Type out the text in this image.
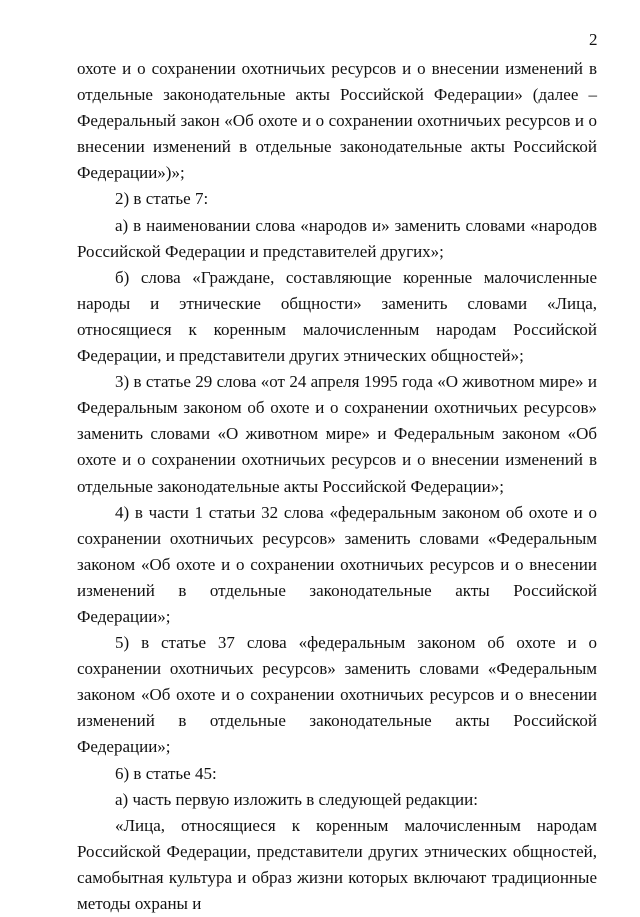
2

охоте и о сохранении охотничьих ресурсов и о внесении изменений в отдельные законодательные акты Российской Федерации» (далее – Федеральный закон «Об охоте и о сохранении охотничьих ресурсов и о внесении изменений в отдельные законодательные акты Российской Федерации»)»;

2) в статье 7:

а) в наименовании слова «народов и» заменить словами «народов Российской Федерации и представителей других»;

б) слова «Граждане, составляющие коренные малочисленные народы и этнические общности» заменить словами «Лица, относящиеся к коренным малочисленным народам Российской Федерации, и представители других этнических общностей»;

3) в статье 29 слова «от 24 апреля 1995 года «О животном мире» и Федеральным законом об охоте и о сохранении охотничьих ресурсов» заменить словами «О животном мире» и Федеральным законом «Об охоте и о сохранении охотничьих ресурсов и о внесении изменений в отдельные законодательные акты Российской Федерации»;

4) в части 1 статьи 32 слова «федеральным законом об охоте и о сохранении охотничьих ресурсов» заменить словами «Федеральным законом «Об охоте и о сохранении охотничьих ресурсов и о внесении изменений в отдельные законодательные акты Российской Федерации»;

5) в статье 37 слова «федеральным законом об охоте и о сохранении охотничьих ресурсов» заменить словами «Федеральным законом «Об охоте и о сохранении охотничьих ресурсов и о внесении изменений в отдельные законодательные акты Российской Федерации»;

6) в статье 45:

а) часть первую изложить в следующей редакции:

«Лица, относящиеся к коренным малочисленным народам Российской Федерации, представители других этнических общностей, самобытная культура и образ жизни которых включают традиционные методы охраны и
